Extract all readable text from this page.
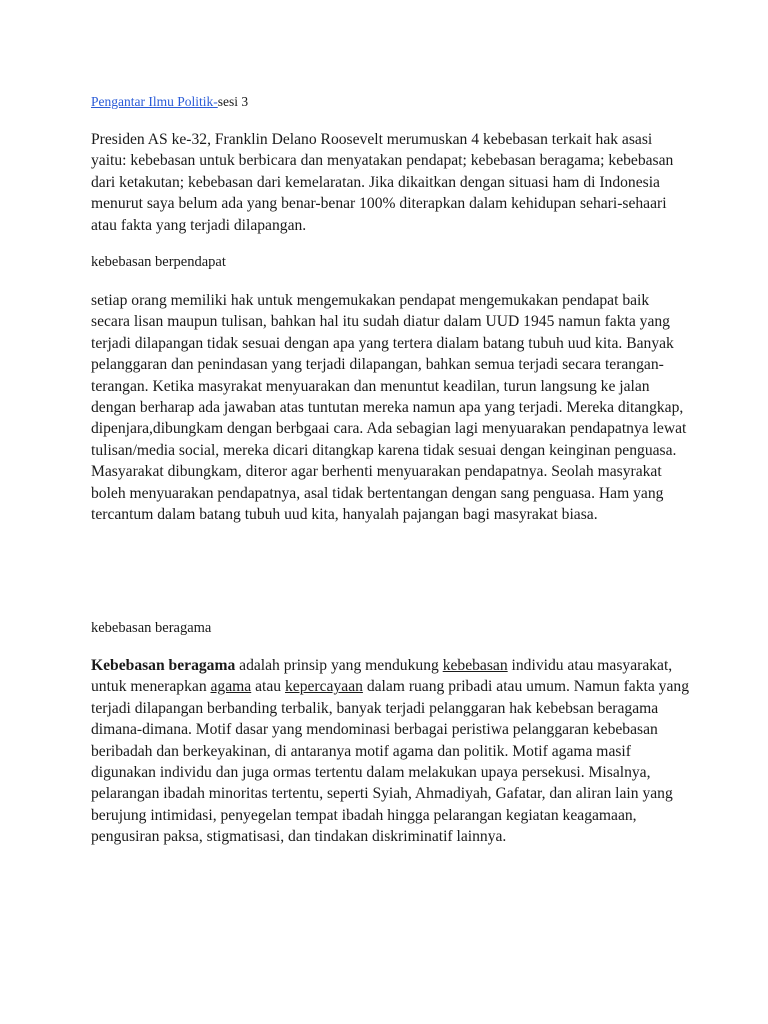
Pengantar Ilmu Politik-sesi 3

Presiden AS ke-32, Franklin Delano Roosevelt merumuskan 4 kebebasan terkait hak asasi yaitu: kebebasan untuk berbicara dan menyatakan pendapat; kebebasan beragama; kebebasan dari ketakutan; kebebasan dari kemelaratan. Jika dikaitkan dengan situasi ham di Indonesia menurut saya belum ada yang benar-benar 100% diterapkan dalam kehidupan sehari-sehaari atau fakta yang terjadi dilapangan.

kebebasan berpendapat

setiap orang memiliki hak untuk mengemukakan pendapat mengemukakan pendapat baik secara lisan maupun tulisan, bahkan hal itu sudah diatur dalam UUD 1945 namun fakta yang terjadi dilapangan tidak sesuai dengan apa yang tertera dialam batang tubuh uud kita. Banyak pelanggaran dan penindasan yang terjadi dilapangan, bahkan semua terjadi secara terangan-terangan. Ketika masyrakat menyuarakan dan menuntut keadilan, turun langsung ke jalan dengan berharap ada jawaban atas tuntutan mereka namun apa yang terjadi. Mereka ditangkap, dipenjara,dibungkam dengan berbgaai cara. Ada sebagian lagi menyuarakan pendapatnya lewat tulisan/media social, mereka dicari ditangkap karena tidak sesuai dengan keinginan penguasa. Masyarakat dibungkam, diteror agar berhenti menyuarakan pendapatnya. Seolah masyrakat boleh menyuarakan pendapatnya, asal tidak bertentangan dengan sang penguasa. Ham yang tercantum dalam batang tubuh uud kita, hanyalah pajangan bagi masyrakat biasa.

kebebasan beragama

Kebebasan beragama adalah prinsip yang mendukung kebebasan individu atau masyarakat, untuk menerapkan agama atau kepercayaan dalam ruang pribadi atau umum. Namun fakta yang terjadi dilapangan berbanding terbalik, banyak terjadi pelanggaran hak kebebsan beragama dimana-dimana. Motif dasar yang mendominasi berbagai peristiwa pelanggaran kebebasan beribadah dan berkeyakinan, di antaranya motif agama dan politik. Motif agama masif digunakan individu dan juga ormas tertentu dalam melakukan upaya persekusi. Misalnya, pelarangan ibadah minoritas tertentu, seperti Syiah, Ahmadiyah, Gafatar, dan aliran lain yang berujung intimidasi, penyegelan tempat ibadah hingga pelarangan kegiatan keagamaan, pengusiran paksa, stigmatisasi, dan tindakan diskriminatif lainnya.
